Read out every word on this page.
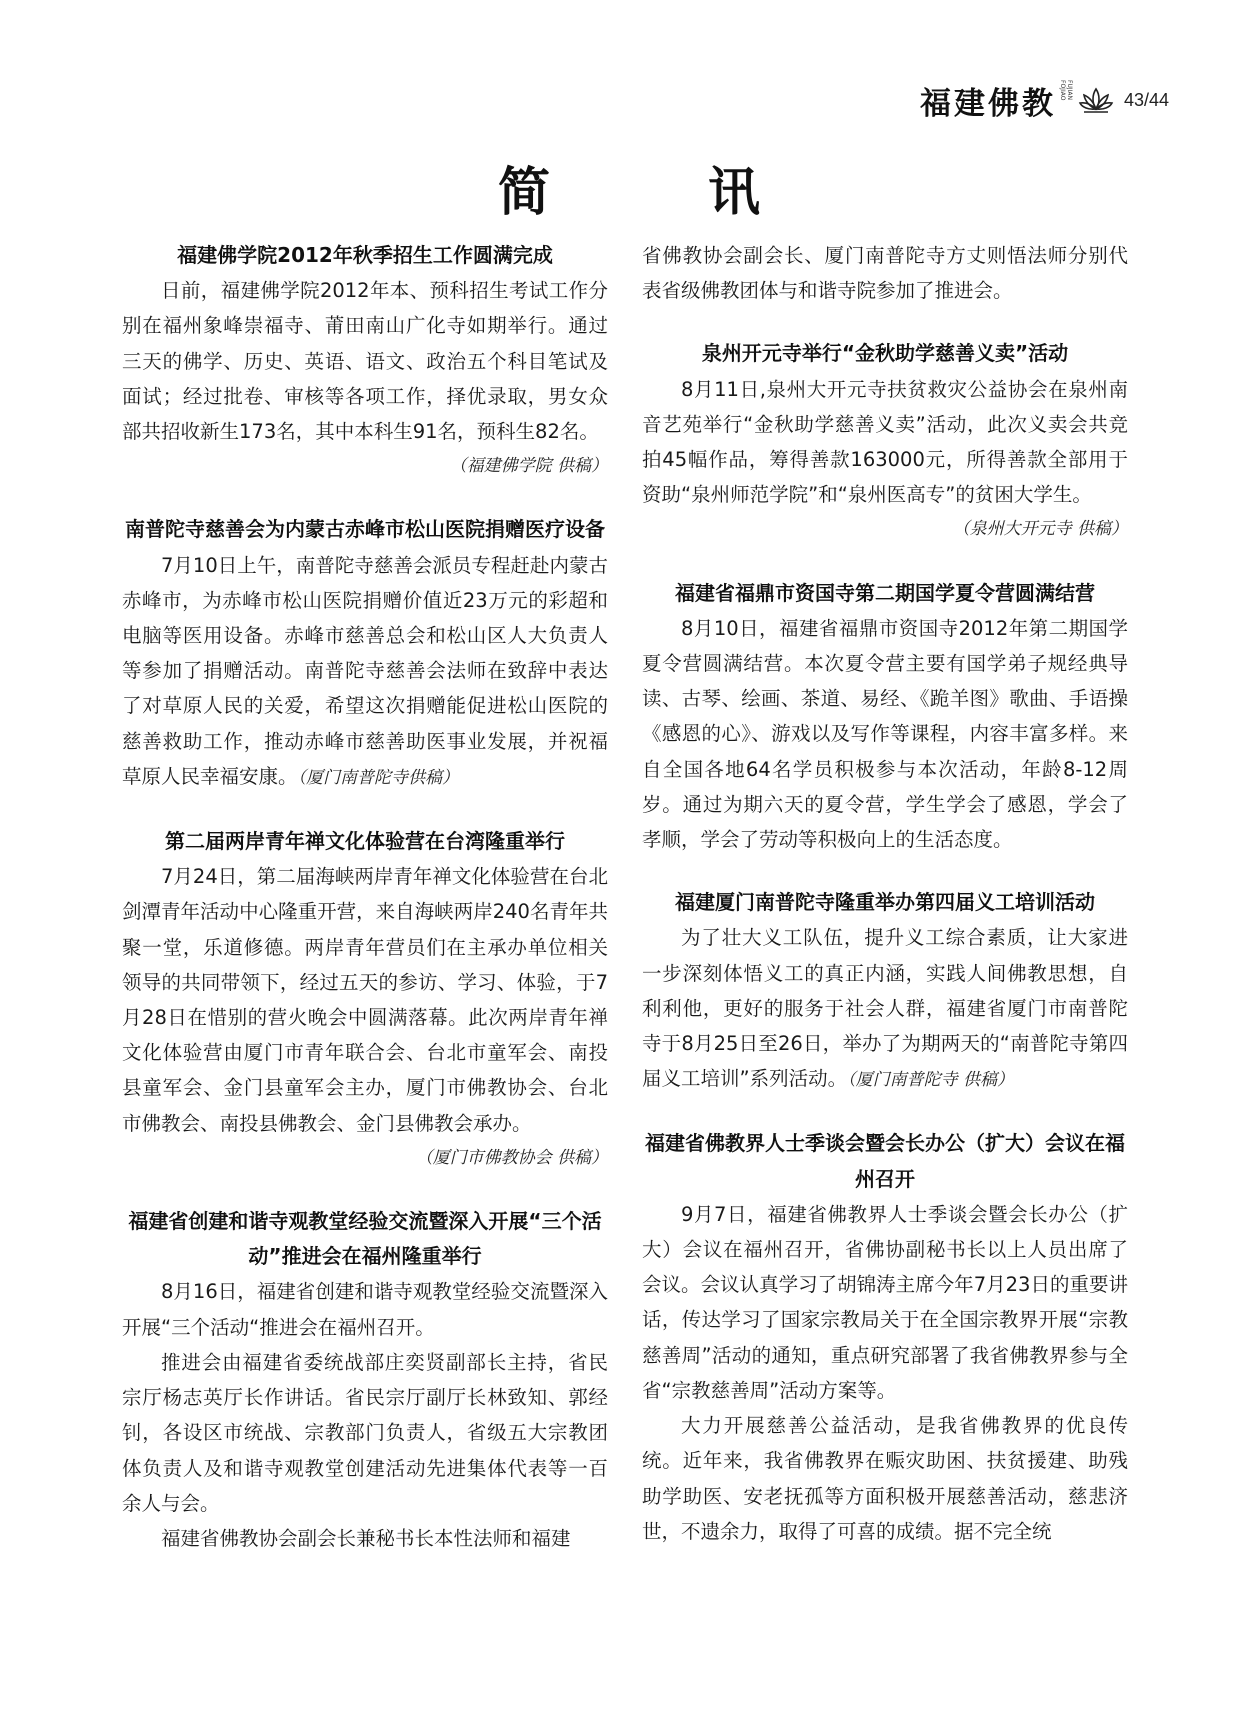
福建佛教	FUJIAN FOJIAO	43/44
简 讯

福建佛学院2012年秋季招生工作圆满完成

日前，福建佛学院2012年本、预科招生考试工作分别在福州象峰崇福寺、莆田南山广化寺如期举行。通过三天的佛学、历史、英语、语文、政治五个科目笔试及面试；经过批卷、审核等各项工作，择优录取，男女众部共招收新生173名，其中本科生91名，预科生82名。
（福建佛学院 供稿）

南普陀寺慈善会为内蒙古赤峰市松山医院捐赠医疗设备

7月10日上午，南普陀寺慈善会派员专程赶赴内蒙古赤峰市，为赤峰市松山医院捐赠价值近23万元的彩超和电脑等医用设备。赤峰市慈善总会和松山区人大负责人等参加了捐赠活动。南普陀寺慈善会法师在致辞中表达了对草原人民的关爱，希望这次捐赠能促进松山医院的慈善救助工作，推动赤峰市慈善助医事业发展，并祝福草原人民幸福安康。（厦门南普陀寺供稿）

第二届两岸青年禅文化体验营在台湾隆重举行

7月24日，第二届海峡两岸青年禅文化体验营在台北剑潭青年活动中心隆重开营，来自海峡两岸240名青年共聚一堂，乐道修德。两岸青年营员们在主承办单位相关领导的共同带领下，经过五天的参访、学习、体验，于7月28日在惜别的营火晚会中圆满落幕。此次两岸青年禅文化体验营由厦门市青年联合会、台北市童军会、南投县童军会、金门县童军会主办，厦门市佛教协会、台北市佛教会、南投县佛教会、金门县佛教会承办。
（厦门市佛教协会 供稿）

福建省创建和谐寺观教堂经验交流暨深入开展“三个活动”推进会在福州隆重举行

8月16日，福建省创建和谐寺观教堂经验交流暨深入开展“三个活动“推进会在福州召开。

推进会由福建省委统战部庄奕贤副部长主持，省民宗厅杨志英厅长作讲话。省民宗厅副厅长林致知、郭经钊，各设区市统战、宗教部门负责人，省级五大宗教团体负责人及和谐寺观教堂创建活动先进集体代表等一百余人与会。

福建省佛教协会副会长兼秘书长本性法师和福建

省佛教协会副会长、厦门南普陀寺方丈则悟法师分别代表省级佛教团体与和谐寺院参加了推进会。

泉州开元寺举行“金秋助学慈善义卖”活动

8月11日,泉州大开元寺扶贫救灾公益协会在泉州南音艺苑举行“金秋助学慈善义卖”活动，此次义卖会共竞拍45幅作品，筹得善款163000元，所得善款全部用于资助“泉州师范学院”和“泉州医高专”的贫困大学生。
（泉州大开元寺 供稿）

福建省福鼎市资国寺第二期国学夏令营圆满结营

8月10日，福建省福鼎市资国寺2012年第二期国学夏令营圆满结营。本次夏令营主要有国学弟子规经典导读、古琴、绘画、茶道、易经、《跪羊图》歌曲、手语操《感恩的心》、游戏以及写作等课程，内容丰富多样。来自全国各地64名学员积极参与本次活动，年龄8-12周岁。通过为期六天的夏令营，学生学会了感恩，学会了孝顺，学会了劳动等积极向上的生活态度。

福建厦门南普陀寺隆重举办第四届义工培训活动

为了壮大义工队伍，提升义工综合素质，让大家进一步深刻体悟义工的真正内涵，实践人间佛教思想，自利利他，更好的服务于社会人群，福建省厦门市南普陀寺于8月25日至26日，举办了为期两天的“南普陀寺第四届义工培训”系列活动。（厦门南普陀寺 供稿）

福建省佛教界人士季谈会暨会长办公（扩大）会议在福州召开

9月7日，福建省佛教界人士季谈会暨会长办公（扩大）会议在福州召开，省佛协副秘书长以上人员出席了会议。会议认真学习了胡锦涛主席今年7月23日的重要讲话，传达学习了国家宗教局关于在全国宗教界开展“宗教慈善周”活动的通知，重点研究部署了我省佛教界参与全省“宗教慈善周”活动方案等。

大力开展慈善公益活动，是我省佛教界的优良传统。近年来，我省佛教界在赈灾助困、扶贫援建、助残助学助医、安老抚孤等方面积极开展慈善活动，慈悲济世，不遗余力，取得了可喜的成绩。据不完全统
